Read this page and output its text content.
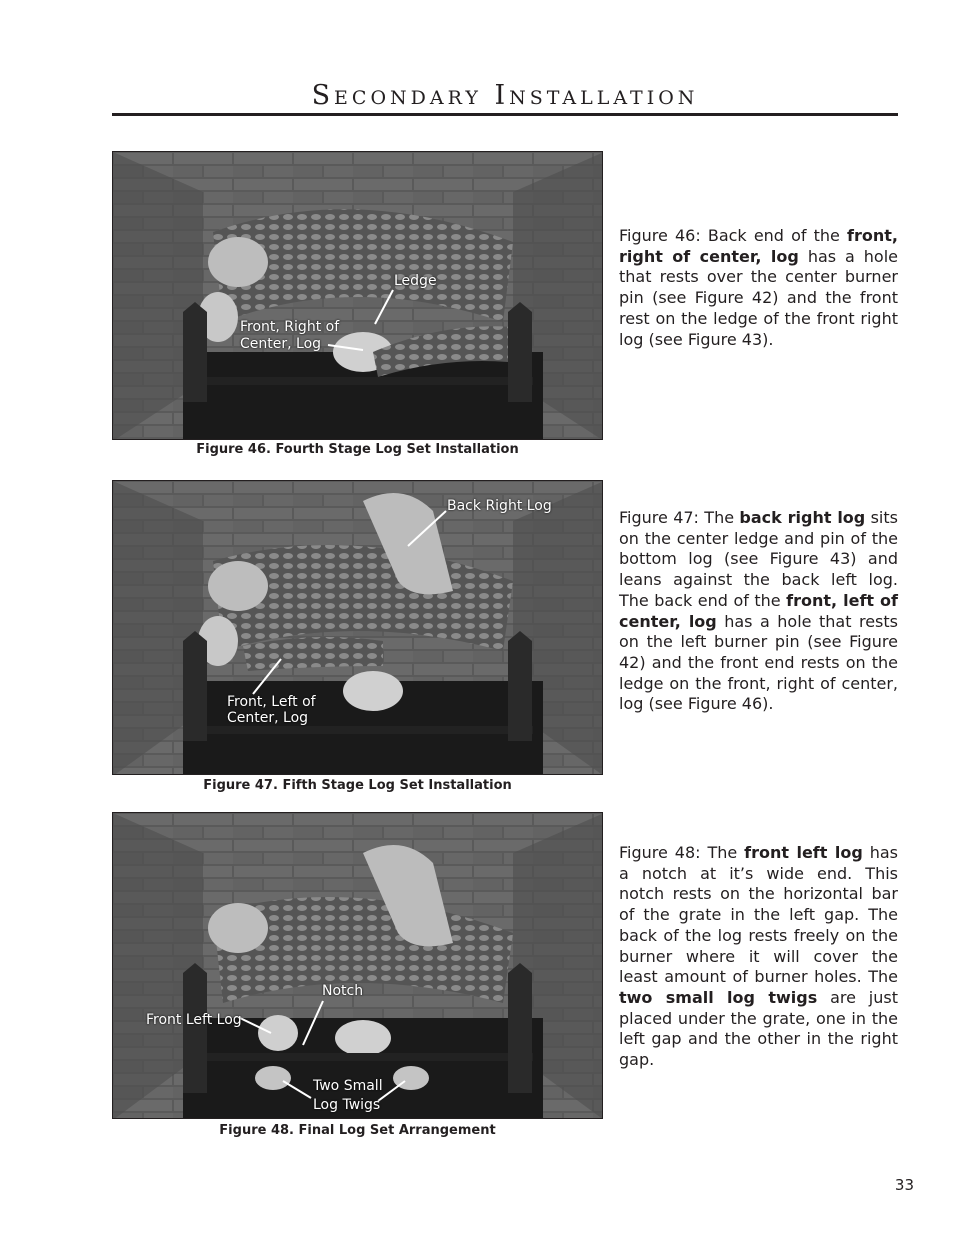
Secondary Installation
Ledge
Front, Right of
Center, Log
Figure 46. Fourth Stage Log Set Installation
Figure 46: Back end of the front, right of center, log has a hole that rests over the center burner pin (see Figure 42) and the front rest on the ledge of the front right log (see Figure 43).
Back Right Log
Front, Left of
Center, Log
Figure 47. Fifth Stage Log Set Installation
Figure 47: The back right log sits on the center ledge and pin of the bottom log (see Figure 43) and leans against the back left log. The back end of the front, left of center, log has a hole that rests on the left burner pin (see Figure 42) and the front end rests on the ledge on the front, right of center, log (see Figure 46).
Notch
Front Left Log
Two Small
Log Twigs
Figure 48. Final Log Set Arrangement
Figure 48: The front left log has a notch at it’s wide end. This notch rests on the horizontal bar of the grate in the left gap. The back of the log rests freely on the burner where it will cover the least amount of burner holes. The two small log twigs are just placed under the grate, one in the left gap and the other in the right gap.
33
